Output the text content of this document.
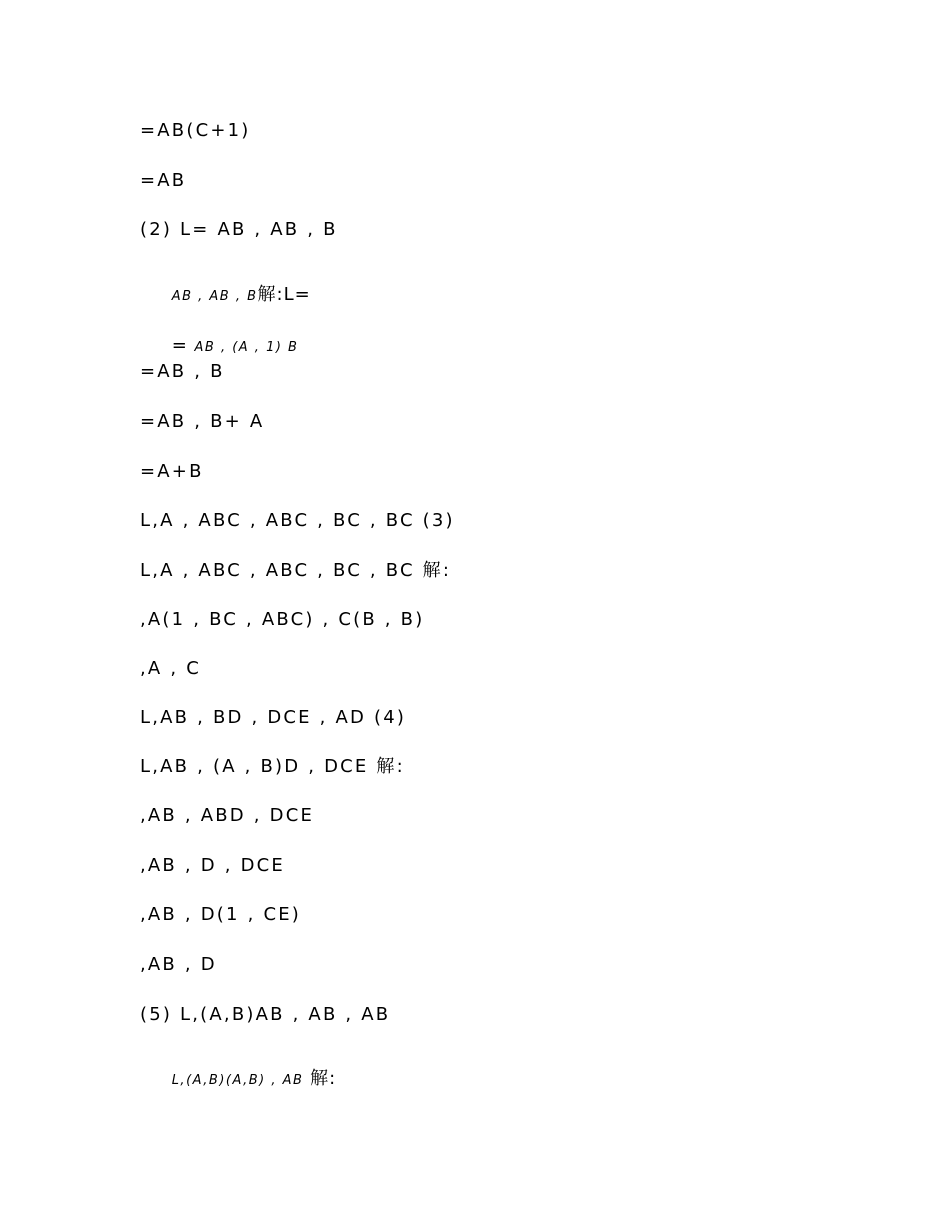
=AB(C+1)
=AB
(2) L= AB , AB , B

AB , AB , B解:L=

= AB , (A , 1) B

=AB , B
=AB , B+ A
=A+B
L,A , ABC , ABC , BC , BC (3)
L,A , ABC , ABC , BC , BC 解:
,A(1 , BC , ABC) , C(B , B)
,A , C
L,AB , BD , DCE , AD (4)
L,AB , (A , B)D , DCE 解:
,AB , ABD , DCE
,AB , D , DCE
,AB , D(1 , CE)
,AB , D
(5) L,(A,B)AB , AB , AB

L,(A,B)(A,B) , AB 解:
